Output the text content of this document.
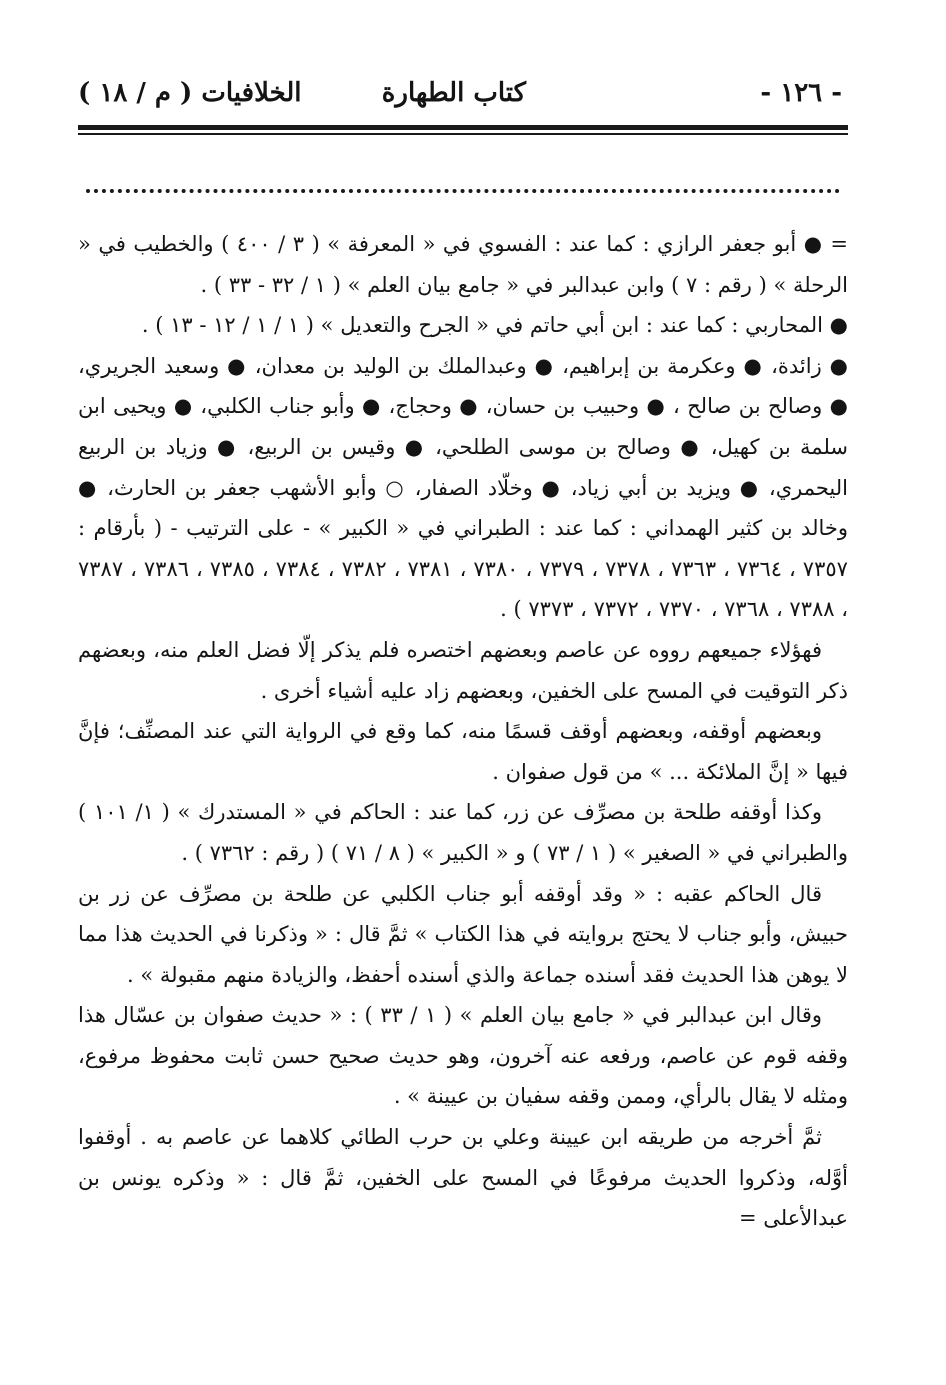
- ١٢٦ -
كتاب الطهارة
الخلافيات ( م / ١٨ )

= ● أبو جعفر الرازي : كما عند : الفسوي في « المعرفة » ( ٣ / ٤٠٠ ) والخطيب في « الرحلة » ( رقم : ٧ ) وابن عبدالبر في « جامع بيان العلم » ( ١ / ٣٢ - ٣٣ ) .

● المحاربي : كما عند : ابن أبي حاتم في « الجرح والتعديل » ( ١ / ١ / ١٢ - ١٣ ) .

● زائدة، ● وعكرمة بن إبراهيم، ● وعبدالملك بن الوليد بن معدان، ● وسعيد الجريري، ● وصالح بن صالح ، ● وحبيب بن حسان، ● وحجاج، ● وأبو جناب الكلبي، ● ويحيى ابن سلمة بن كهيل، ● وصالح بن موسى الطلحي، ● وقيس بن الربيع، ● وزياد بن الربيع اليحمري، ● ويزيد بن أبي زياد، ● وخلّاد الصفار، ○ وأبو الأشهب جعفر بن الحارث، ● وخالد بن كثير الهمداني : كما عند : الطبراني في « الكبير » - على الترتيب - ( بأرقام : ٧٣٥٧ ، ٧٣٦٤ ، ٧٣٦٣ ، ٧٣٧٨ ، ٧٣٧٩ ، ٧٣٨٠ ، ٧٣٨١ ، ٧٣٨٢ ، ٧٣٨٤ ، ٧٣٨٥ ، ٧٣٨٦ ، ٧٣٨٧ ، ٧٣٨٨ ، ٧٣٦٨ ، ٧٣٧٠ ، ٧٣٧٢ ، ٧٣٧٣ ) .

فهؤلاء جميعهم رووه عن عاصم وبعضهم اختصره فلم يذكر إلّا فضل العلم منه، وبعضهم ذكر التوقيت في المسح على الخفين، وبعضهم زاد عليه أشياء أخرى .

وبعضهم أوقفه، وبعضهم أوقف قسمًا منه، كما وقع في الرواية التي عند المصنِّف؛ فإنَّ فيها « إنَّ الملائكة ... » من قول صفوان .

وكذا أوقفه طلحة بن مصرِّف عن زر، كما عند : الحاكم في « المستدرك » ( ١/ ١٠١ ) والطبراني في « الصغير » ( ١ / ٧٣ ) و « الكبير » ( ٨ / ٧١ ) ( رقم : ٧٣٦٢ ) .

قال الحاكم عقبه : « وقد أوقفه أبو جناب الكلبي عن طلحة بن مصرِّف عن زر بن حبيش، وأبو جناب لا يحتج بروايته في هذا الكتاب » ثمَّ قال : « وذكرنا في الحديث هذا مما لا يوهن هذا الحديث فقد أسنده جماعة والذي أسنده أحفظ، والزيادة منهم مقبولة » .

وقال ابن عبدالبر في « جامع بيان العلم » ( ١ / ٣٣ ) : « حديث صفوان بن عسّال هذا وقفه قوم عن عاصم، ورفعه عنه آخرون، وهو حديث صحيح حسن ثابت محفوظ مرفوع، ومثله لا يقال بالرأي، وممن وقفه سفيان بن عيينة » .

ثمَّ أخرجه من طريقه ابن عيينة وعلي بن حرب الطائي كلاهما عن عاصم به . أوقفوا أوَّله، وذكروا الحديث مرفوعًا في المسح على الخفين، ثمَّ قال : « وذكره يونس بن عبدالأعلى =
